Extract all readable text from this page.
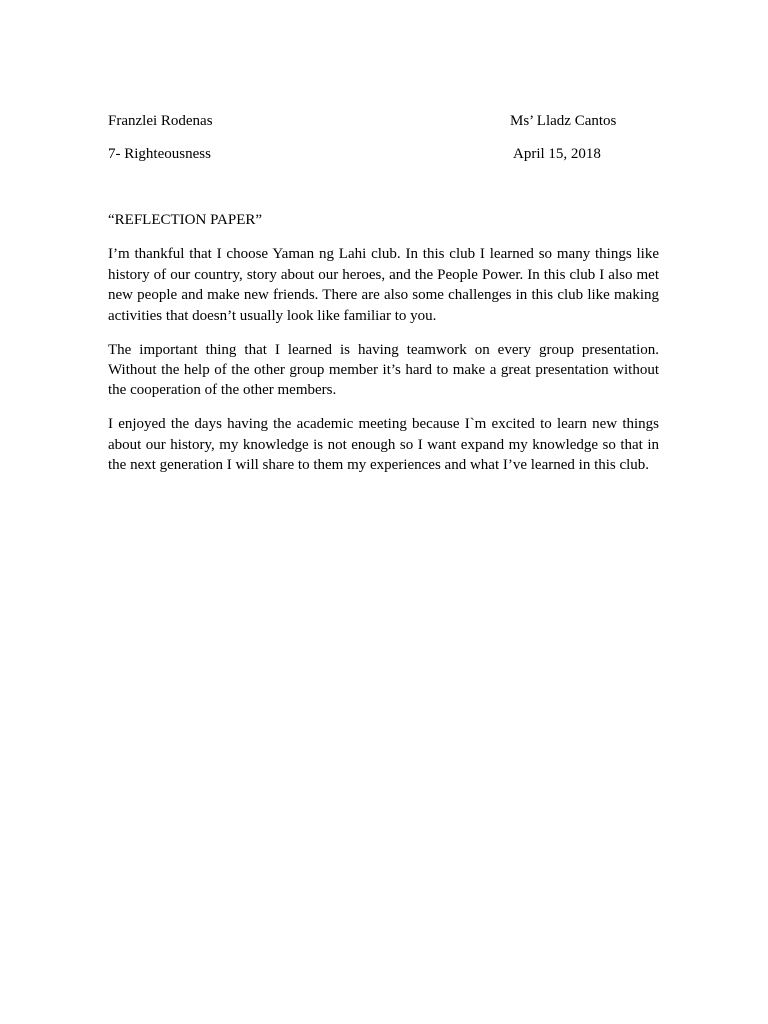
Franzlei Rodenas	Ms’ Lladz Cantos
7- Righteousness	April 15, 2018

“REFLECTION PAPER”

I’m thankful that I choose Yaman ng Lahi club. In this club I learned so many things like history of our country, story about our heroes, and the People Power. In this club I also met new people and make new friends. There are also some challenges in this club like making activities that doesn’t usually look like familiar to you.

The important thing that I learned is having teamwork on every group presentation. Without the help of the other group member it’s hard to make a great presentation without the cooperation of the other members.

I enjoyed the days having the academic meeting because I`m excited to learn new things about our history, my knowledge is not enough so I want expand my knowledge so that in the next generation I will share to them my experiences and what I’ve learned in this club.
